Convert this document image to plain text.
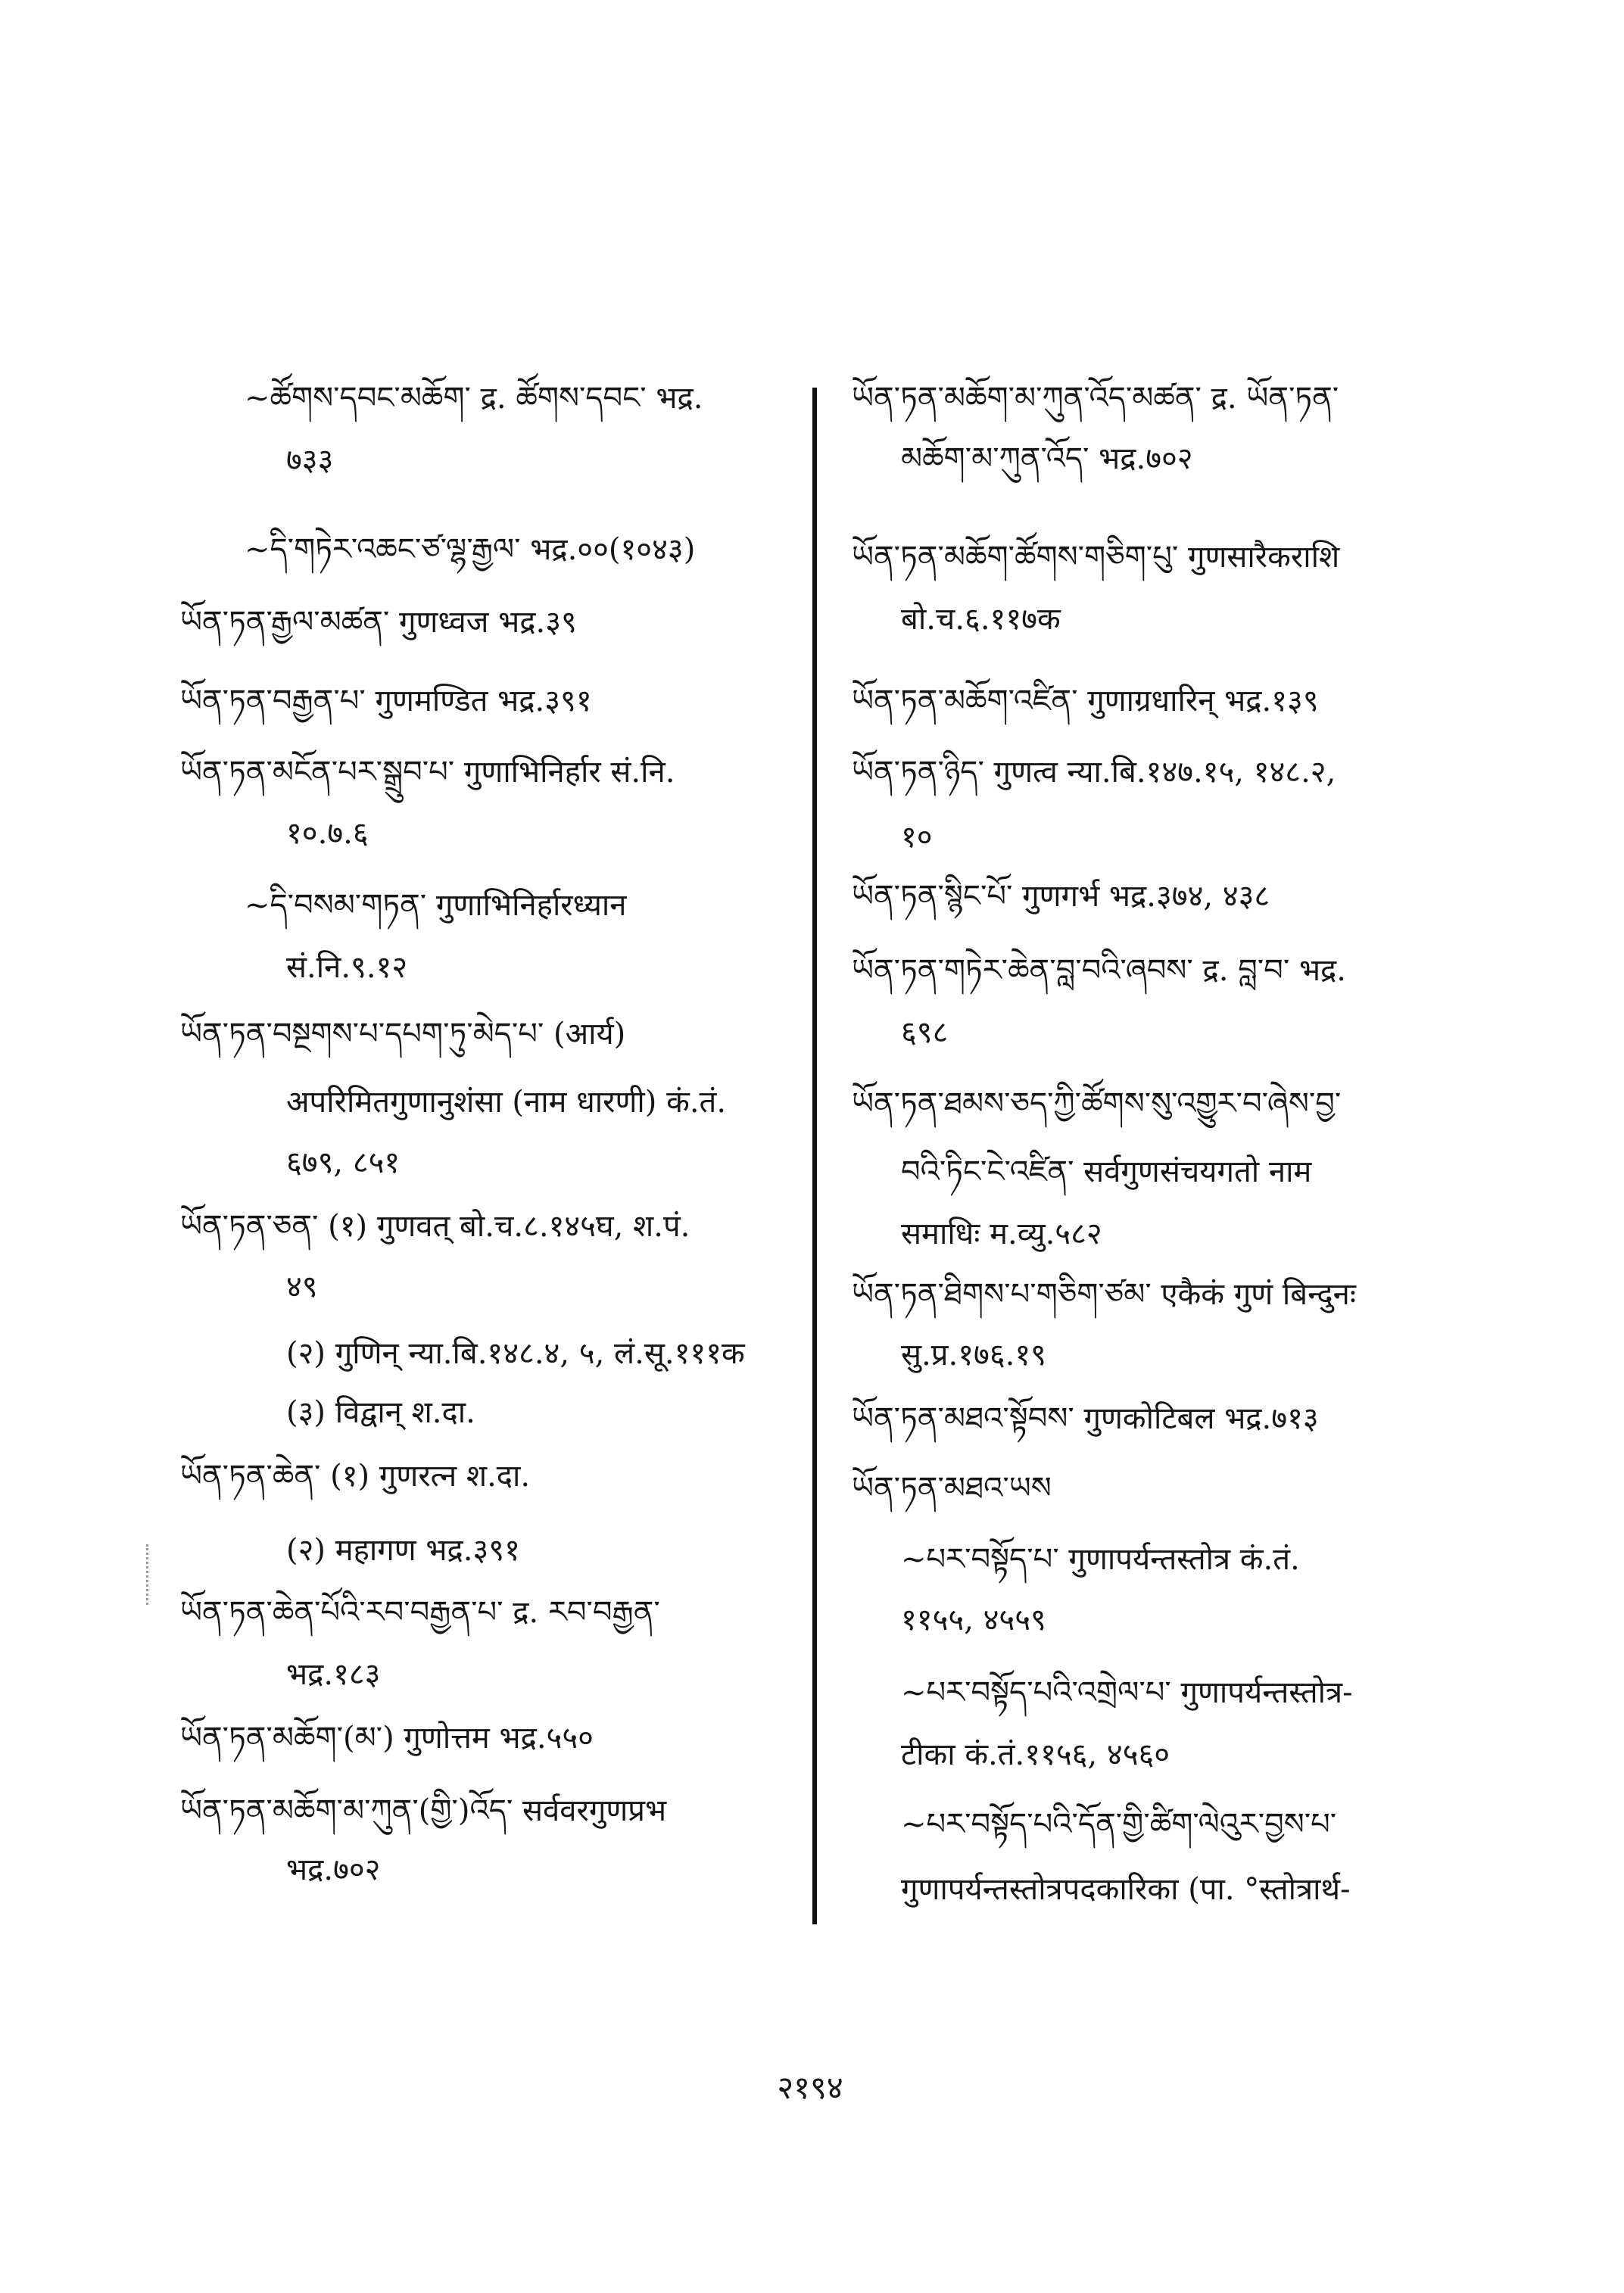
~ཚོགས་དབང་མཆོག་ द्र. ཚོགས་དབང་ भद्र.
७३३
~དི་གཏེར་འཆང་ཙ་ལྷ་རྒྱལ་ भद्र.००(१०४३)
ཡོན་ཏན་རྒྱལ་མཚན་ गुणध्वज भद्र.३९
ཡོན་ཏན་བརྒྱན་པ་ गुणमण्डित भद्र.३९१
ཡོན་ཏན་མངོན་པར་སྒྲུབ་པ་ गुणाभिनिर्हार सं.नि.
१०.७.६
~དི་བསམ་གཏན་ गुणाभिनिर्हारध्यान
सं.नि.९.१२
ཡོན་ཏན་བསྔགས་པ་དཔག་ཏུ་མེད་པ་ (आर्य)
अपरिमितगुणानुशंसा (नाम धारणी) कं.तं.
६७९, ८५१
ཡོན་ཏན་ཅན་ (१) गुणवत् बो.च.८.१४५घ, श.पं.
४९
(२) गुणिन् न्या.बि.१४८.४, ५, लं.सू.१११क
(३) विद्वान् श.दा.
ཡོན་ཏན་ཆེན་ (१) गुणरत्न श.दा.
(२) महागण भद्र.३९१
ཡོན་ཏན་ཆེན་པོའི་རབ་བརྒྱན་པ་ द्र. རབ་བརྒྱན་
भद्र.१८३
ཡོན་ཏན་མཆོག་(མ་) गुणोत्तम भद्र.५५०
ཡོན་ཏན་མཆོག་མ་ཀུན་(གྱི་)འོད་ सर्ववरगुणप्रभ
भद्र.७०२
ཡོན་ཏན་མཆོག་མ་ཀུན་འོད་མཚན་ द्र. ཡོན་ཏན་
མཆོག་མ་ཀུན་འོད་ भद्र.७०२
ཡོན་ཏན་མཆོག་ཚོགས་གཅིག་པུ་ गुणसारैकराशि
बो.च.६.११७क
ཡོན་ཏན་མཆོག་འཛིན་ गुणाग्रधारिन् भद्र.१३९
ཡོན་ཏན་ཉིད་ गुणत्व न्या.बि.१४७.१५, १४८.२,
१०
ཡོན་ཏན་སྙིང་པོ་ गुणगर्भ भद्र.३७४, ४३८
ཡོན་ཏན་གཏེར་ཆེན་བླ་བའི་ཞབས་ द्र. བླ་བ་ भद्र.
६९८
ཡོན་ཏན་ཐམས་ཅད་ཀྱི་ཚོགས་སུ་འགྱུར་བ་ཞེས་བྱ་
བའི་ཏིང་ངེ་འཛིན་ सर्वगुणसंचयगतो नाम
समाधिः म.व्यु.५८२
ཡོན་ཏན་ཐིགས་པ་གཅིག་ཙམ་ एकैकं गुणं बिन्दुनः
सु.प्र.१७६.१९
ཡོན་ཏན་མཐའ་སྟོབས་ गुणकोटिबल भद्र.७१३
ཡོན་ཏན་མཐའ་ཡས
~པར་བསྟོད་པ་ गुणापर्यन्तस्तोत्र कं.तं.
११५५, ४५५९
~པར་བསྟོད་པའི་འགྲེལ་པ་ गुणापर्यन्तस्तोत्र-
टीका कं.तं.११५६, ४५६०
~པར་བསྟོད་པའི་དོན་གྱི་ཚིག་ལེའུར་བྱས་པ་
गुणापर्यन्तस्तोत्रपदकारिका (पा. °स्तोत्रार्थ-
२१९४
